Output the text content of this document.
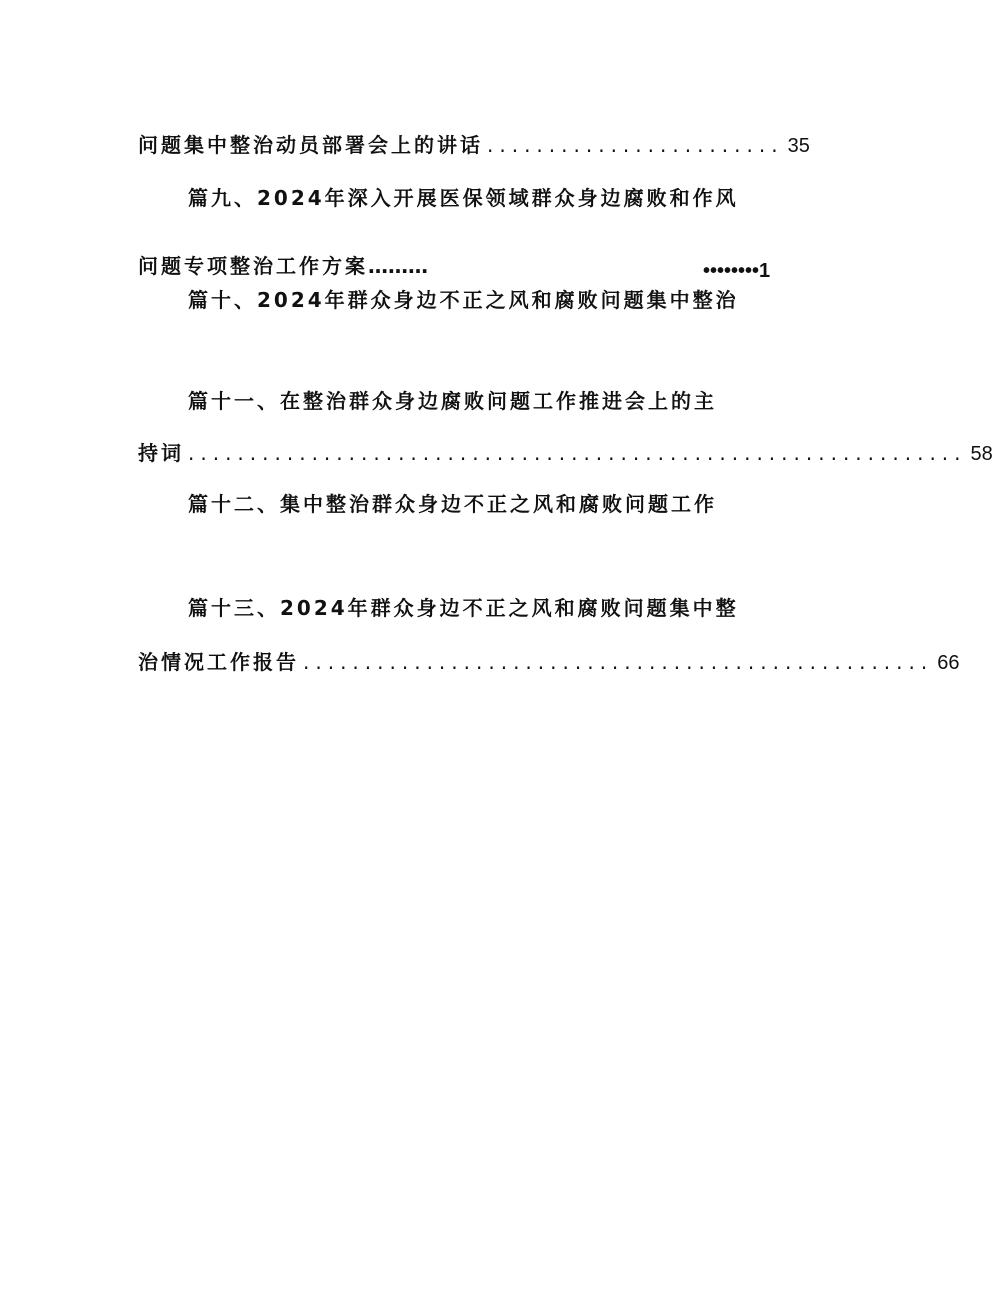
问题集中整治动员部署会上的讲话 ........................ 35
篇九、2024年深入开展医保领域群众身边腐败和作风
问题专项整治工作方案………	••••••••1
篇十、2024年群众身边不正之风和腐败问题集中整治
篇十一、在整治群众身边腐败问题工作推进会上的主
持词 ............................................................... 58
篇十二、集中整治群众身边不正之风和腐败问题工作
篇十三、2024年群众身边不正之风和腐败问题集中整
治情况工作报告 ................................................... 66
